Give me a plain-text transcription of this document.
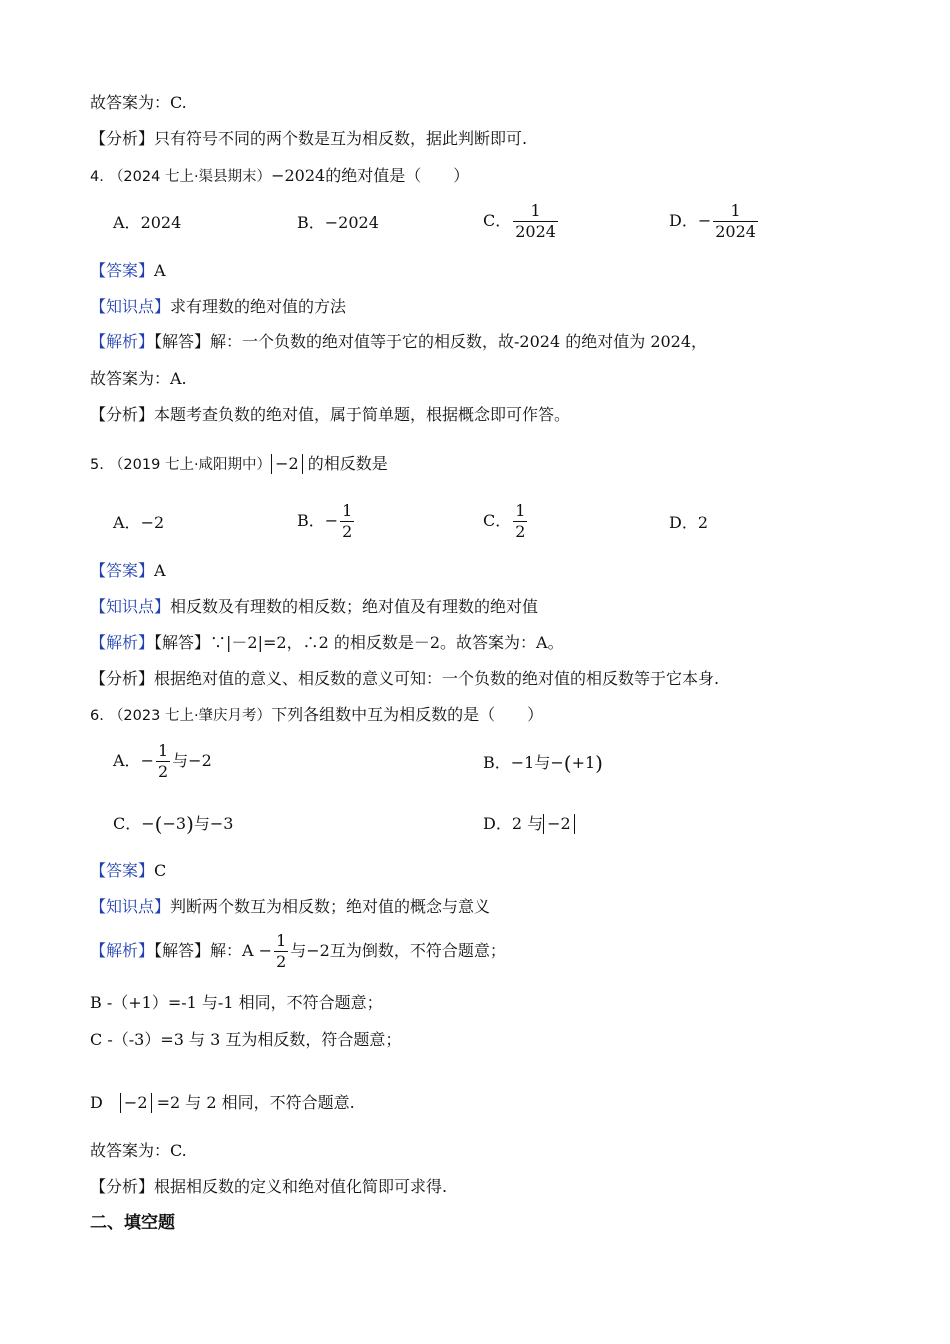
故答案为：C.
【分析】只有符号不同的两个数是互为相反数，据此判断即可.
4. （2024 七上·渠县期末）−2024的绝对值是（　　）
A．2024	B．−2024	C． $\frac{1}{2024}$	D．− $\frac{1}{2024}$
【答案】A
【知识点】求有理数的绝对值的方法
【解析】【解答】解：一个负数的绝对值等于它的相反数，故-2024 的绝对值为 2024，
故答案为：A.
【分析】本题考查负数的绝对值，属于简单题，根据概念即可作答。
5. （2019 七上·咸阳期中） −2 的相反数是
A．−2	B．− $\frac{1}{2}$	C． $\frac{1}{2}$	D．2
【答案】A
【知识点】相反数及有理数的相反数；绝对值及有理数的绝对值
【解析】【解答】∵|－2|=2，∴2 的相反数是－2。故答案为：A。
【分析】根据绝对值的意义、相反数的意义可知：一个负数的绝对值的相反数等于它本身.
6. （2023 七上·肇庆月考）下列各组数中互为相反数的是（　　）
A．− $\frac{1}{2}$ 与−2	B．−1与−(+1)
C．−(−3)与−3	D．2 与 −2
【答案】C
【知识点】判断两个数互为相反数；绝对值的概念与意义
【解析】【解答】解：$A - \frac{1}{2}$ 与−2互为倒数，不符合题意；
B -（+1）=-1 与-1 相同，不符合题意；
C -（-3）=3 与 3 互为相反数，符合题意；
D −2 =2 与 2 相同，不符合题意.
故答案为：C.
【分析】根据相反数的定义和绝对值化简即可求得.
二、填空题
